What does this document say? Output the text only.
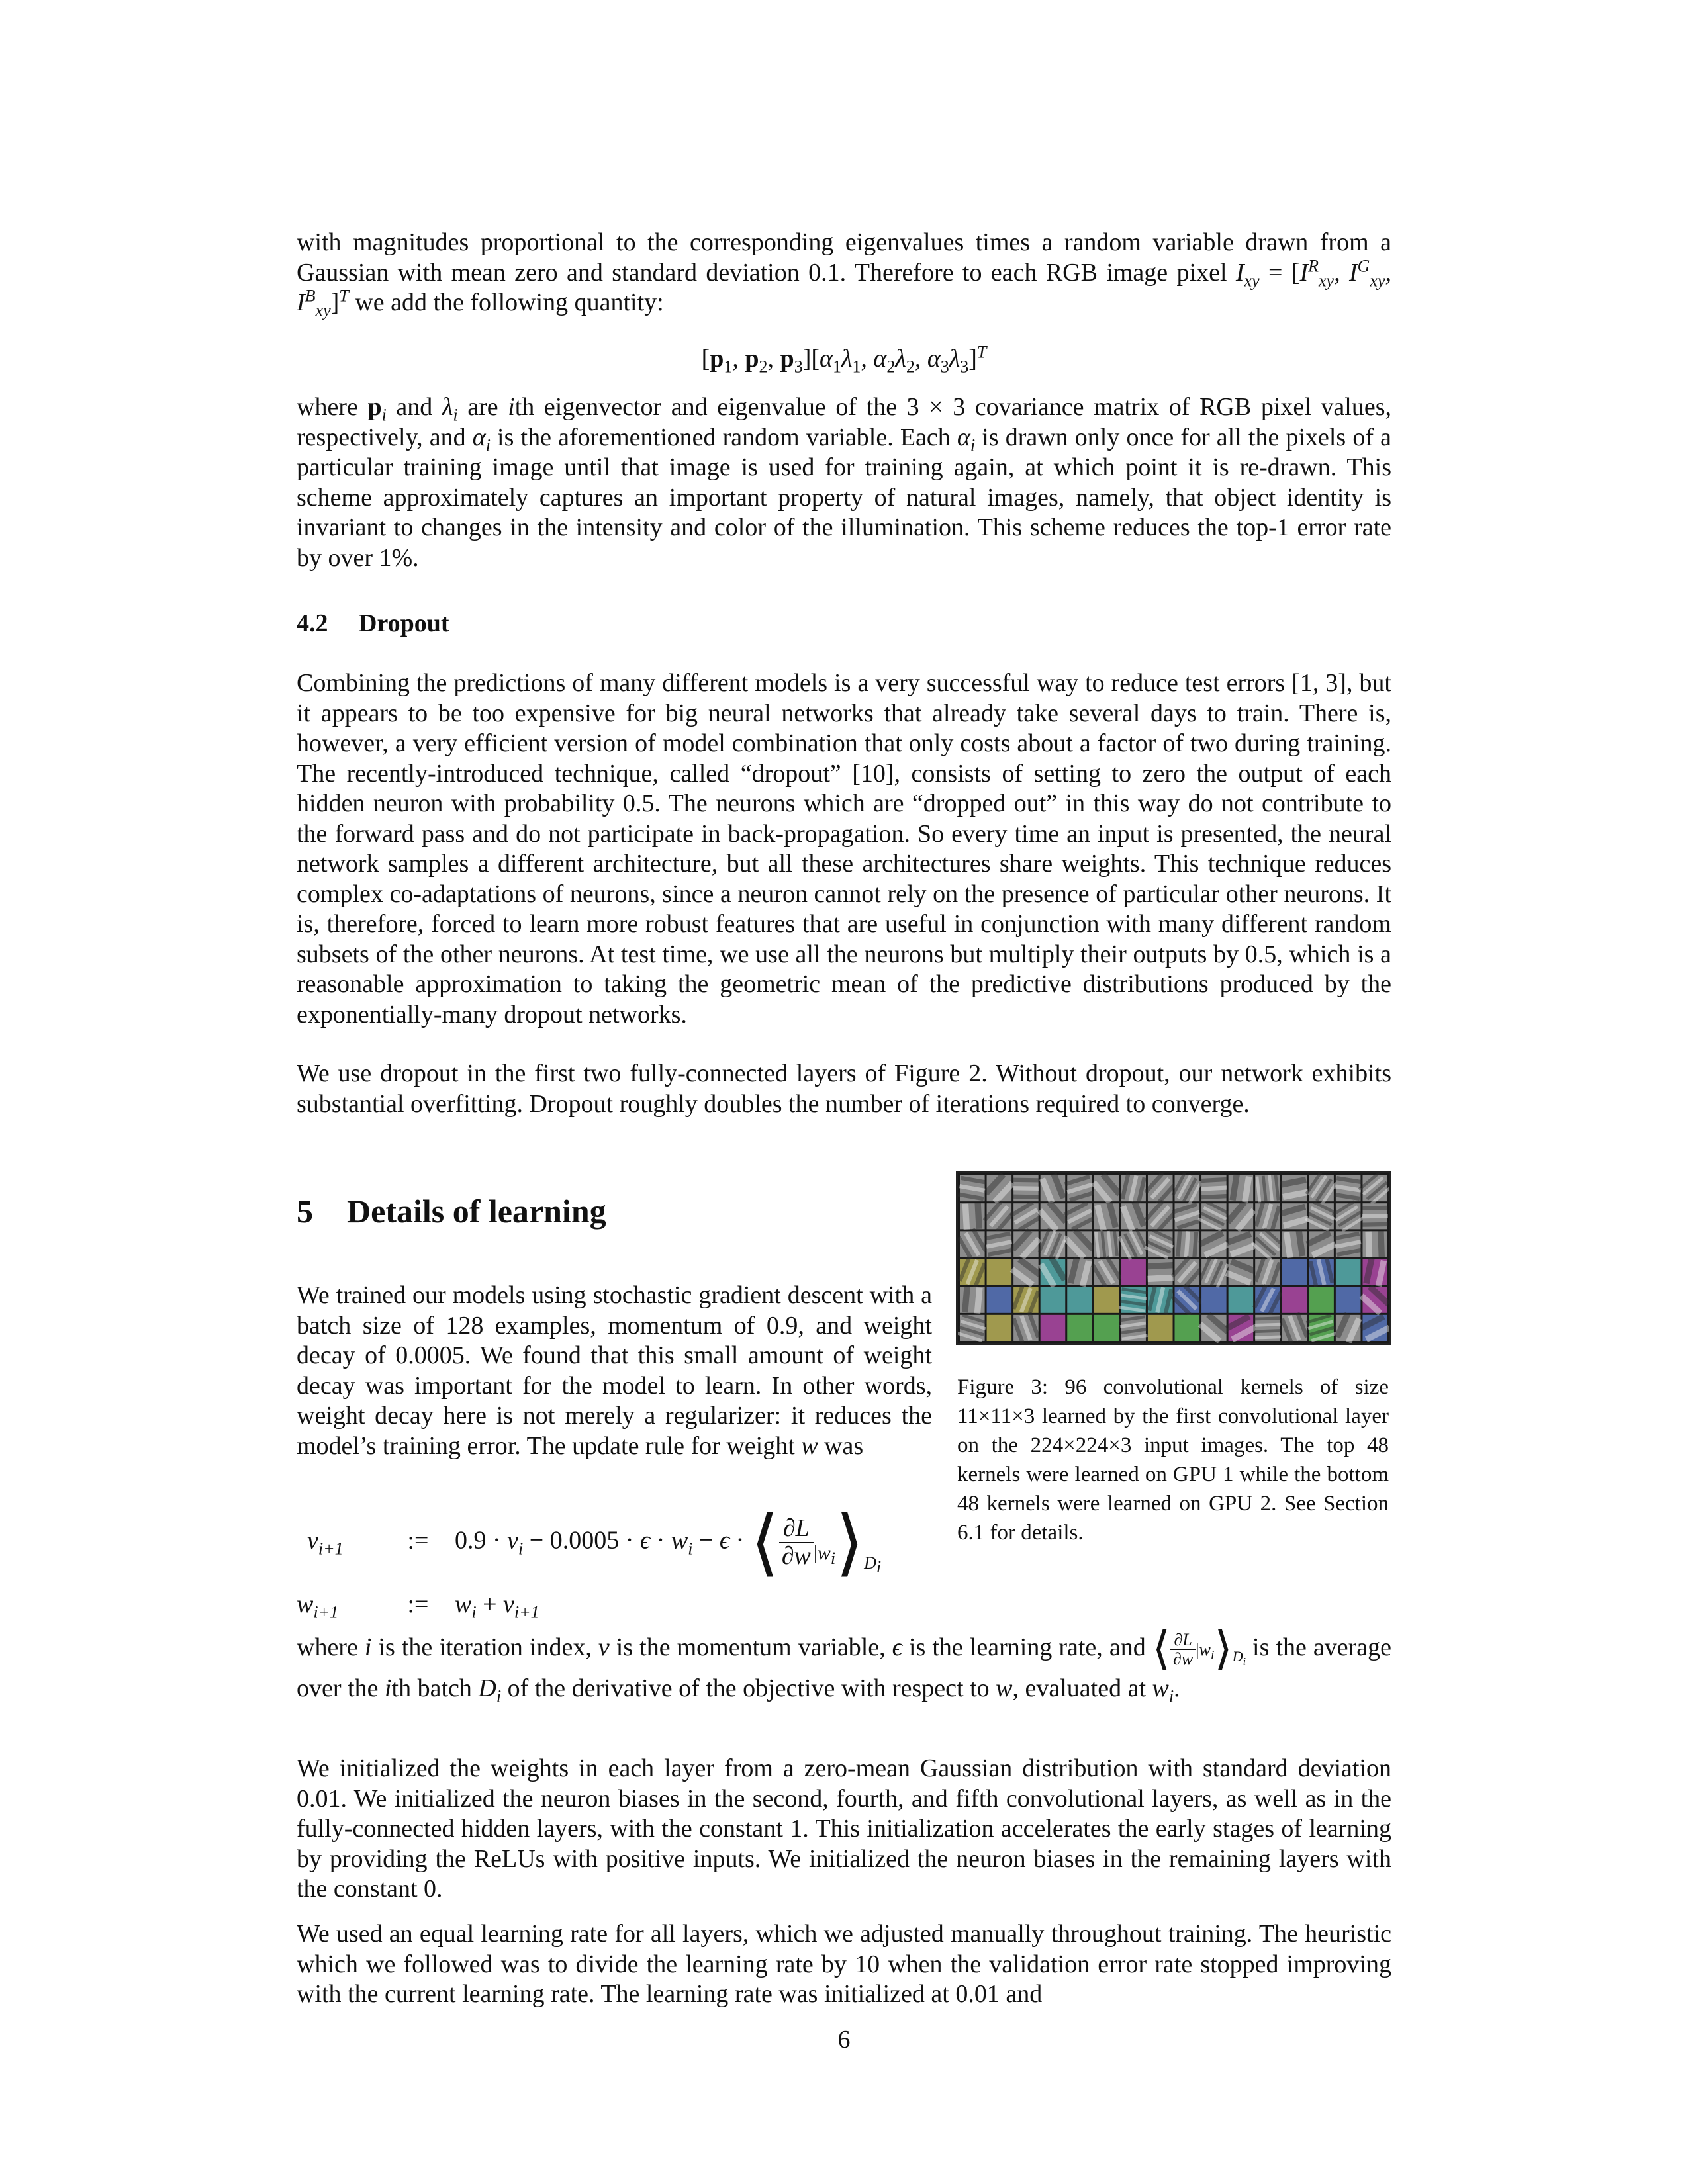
with magnitudes proportional to the corresponding eigenvalues times a random variable drawn from a Gaussian with mean zero and standard deviation 0.1. Therefore to each RGB image pixel $I_{xy} = [I^R_{xy}$, $I^G_{xy}$, $I^B_{xy}]^T$ we add the following quantity:

[$p_1$, $p_2$, $p_3][\alpha_1\lambda_1$, $\alpha_2\lambda_2$, $\alpha_3\lambda_3]^T$

where $p_i$ and $\lambda_i$ are ith eigenvector and eigenvalue of the 3 × 3 covariance matrix of RGB pixel values, respectively, and $\alpha_i$ is the aforementioned random variable. Each $\alpha_i$ is drawn only once for all the pixels of a particular training image until that image is used for training again, at which point it is re-drawn. This scheme approximately captures an important property of natural images, namely, that object identity is invariant to changes in the intensity and color of the illumination. This scheme reduces the top-1 error rate by over 1%.

4.2 Dropout

Combining the predictions of many different models is a very successful way to reduce test errors [1, 3], but it appears to be too expensive for big neural networks that already take several days to train. There is, however, a very efficient version of model combination that only costs about a factor of two during training. The recently-introduced technique, called “dropout” [10], consists of setting to zero the output of each hidden neuron with probability 0.5. The neurons which are “dropped out” in this way do not contribute to the forward pass and do not participate in back-propagation. So every time an input is presented, the neural network samples a different architecture, but all these architectures share weights. This technique reduces complex co-adaptations of neurons, since a neuron cannot rely on the presence of particular other neurons. It is, therefore, forced to learn more robust features that are useful in conjunction with many different random subsets of the other neurons. At test time, we use all the neurons but multiply their outputs by 0.5, which is a reasonable approximation to taking the geometric mean of the predictive distributions produced by the exponentially-many dropout networks.

We use dropout in the first two fully-connected layers of Figure 2. Without dropout, our network exhibits substantial overfitting. Dropout roughly doubles the number of iterations required to converge.

5 Details of learning

We trained our models using stochastic gradient descent with a batch size of 128 examples, momentum of 0.9, and weight decay of 0.0005. We found that this small amount of weight decay was important for the model to learn. In other words, weight decay here is not merely a regularizer: it reduces the model’s training error. The update rule for weight w was

$v_{i+1}$	:= $0.9 \cdot v_i - 0.0005 \cdot \epsilon \cdot w_i - \epsilon$ · ⟨ $\frac{\partial L}{\partial w}$ $_{|w_i}⟩_{D_i}$
$w_{i+1}$	:= $w_i + v_{i+1}$
Figure 3: 96 convolutional kernels of size 11×11×3 learned by the first convolutional layer on the 224×224×3 input images. The top 48 kernels were learned on GPU 1 while the bottom 48 kernels were learned on GPU 2. See Section 6.1 for details.

where i is the iteration index, v is the momentum variable, ϵ is the learning rate, and ⟨ $\frac{\partial L}{\partial w}$ $|w_i⟩_{D_i}$ is the average over the ith batch $D_i$ of the derivative of the objective with respect to w, evaluated at $w_i$.

We initialized the weights in each layer from a zero-mean Gaussian distribution with standard deviation 0.01. We initialized the neuron biases in the second, fourth, and fifth convolutional layers, as well as in the fully-connected hidden layers, with the constant 1. This initialization accelerates the early stages of learning by providing the ReLUs with positive inputs. We initialized the neuron biases in the remaining layers with the constant 0.

We used an equal learning rate for all layers, which we adjusted manually throughout training. The heuristic which we followed was to divide the learning rate by 10 when the validation error rate stopped improving with the current learning rate. The learning rate was initialized at 0.01 and

6
